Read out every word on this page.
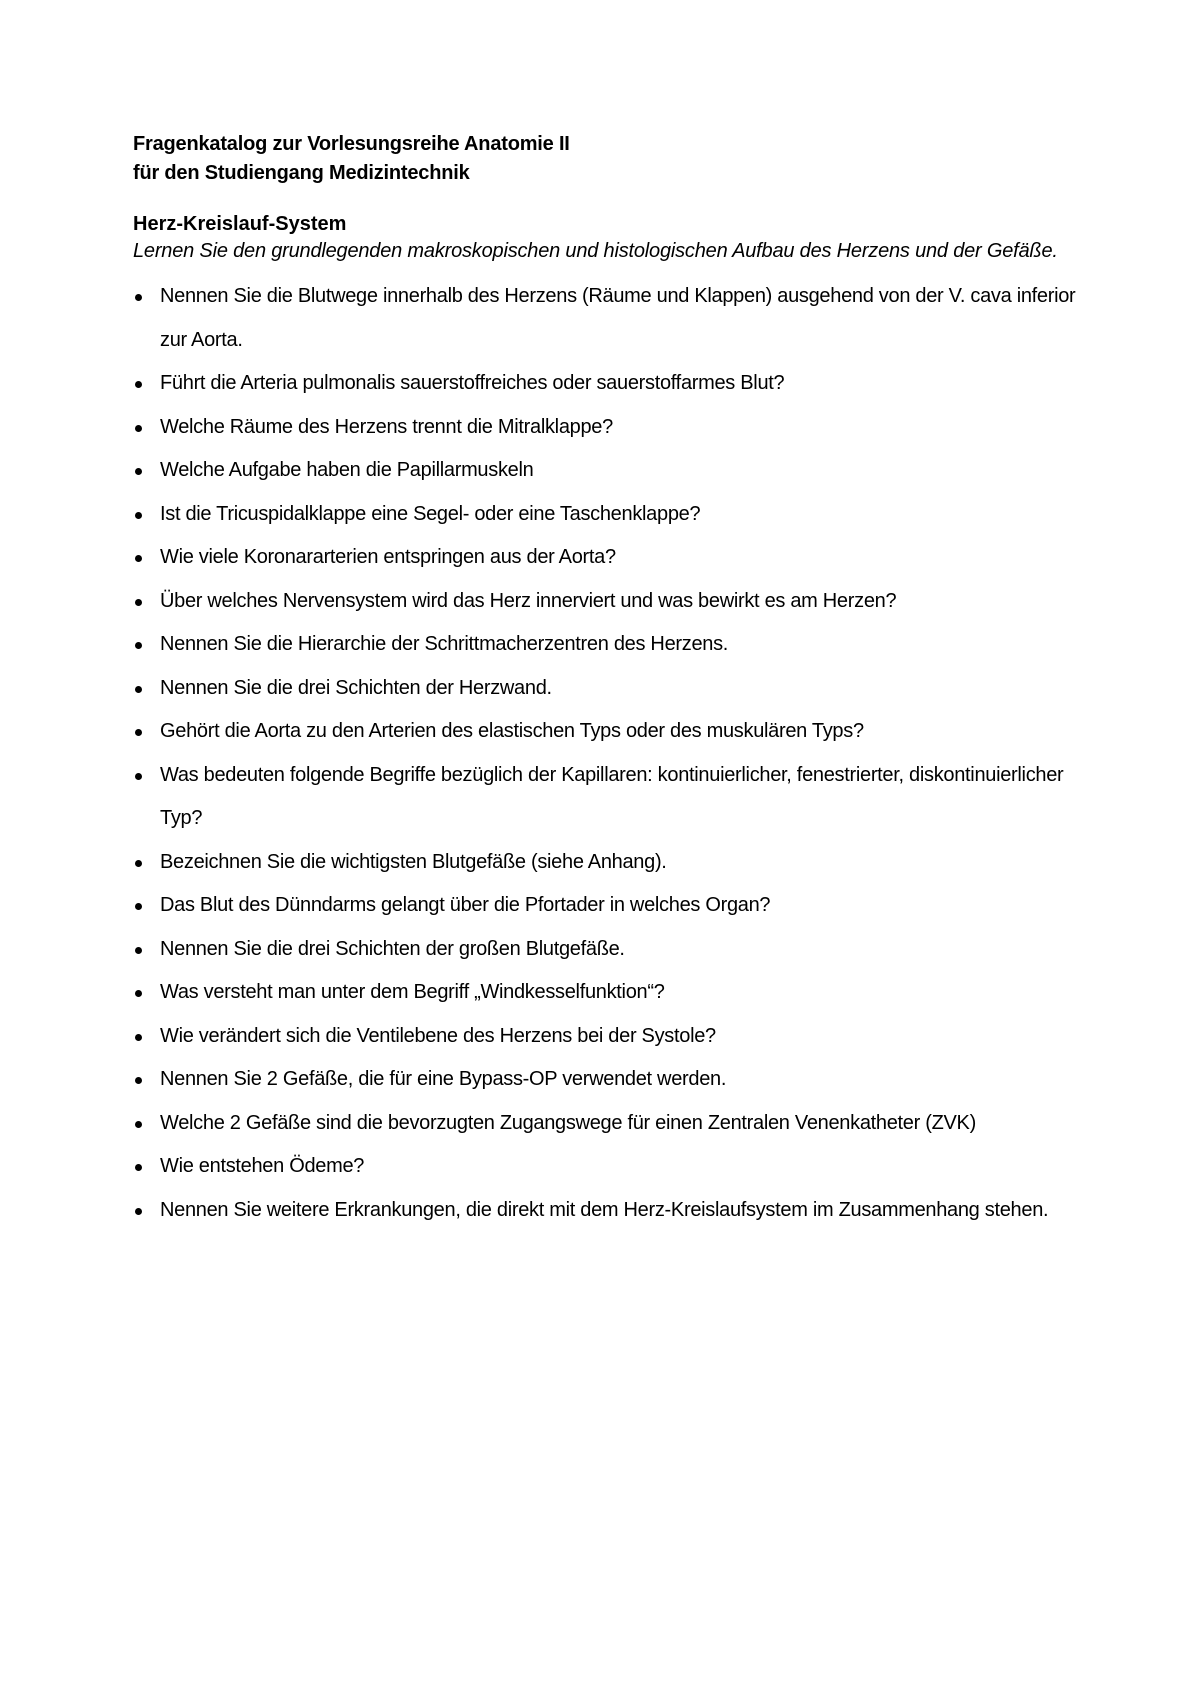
Fragenkatalog zur Vorlesungsreihe Anatomie II
für den Studiengang Medizintechnik
Herz-Kreislauf-System
Lernen Sie den grundlegenden makroskopischen und histologischen Aufbau des Herzens und der Gefäße.
Nennen Sie die Blutwege innerhalb des Herzens (Räume und Klappen) ausgehend von der V. cava inferior zur Aorta.
Führt die Arteria pulmonalis sauerstoffreiches oder sauerstoffarmes Blut?
Welche Räume des Herzens trennt die Mitralklappe?
Welche Aufgabe haben die Papillarmuskeln
Ist die Tricuspidalklappe eine Segel- oder eine Taschenklappe?
Wie viele Koronararterien entspringen aus der Aorta?
Über welches Nervensystem wird das Herz innerviert und was bewirkt es am Herzen?
Nennen Sie die Hierarchie der Schrittmacherzentren des Herzens.
Nennen Sie die drei Schichten der Herzwand.
Gehört die Aorta zu den Arterien des elastischen Typs oder des muskulären Typs?
Was bedeuten folgende Begriffe bezüglich der Kapillaren: kontinuierlicher, fenestrierter, diskontinuierlicher Typ?
Bezeichnen Sie die wichtigsten Blutgefäße (siehe Anhang).
Das Blut des Dünndarms gelangt über die Pfortader in welches Organ?
Nennen Sie die drei Schichten der großen Blutgefäße.
Was versteht man unter dem Begriff „Windkesselfunktion“?
Wie verändert sich die Ventilebene des Herzens bei der Systole?
Nennen Sie 2 Gefäße, die für eine Bypass-OP verwendet werden.
Welche 2 Gefäße sind die bevorzugten Zugangswege für einen Zentralen Venenkatheter (ZVK)
Wie entstehen Ödeme?
Nennen Sie weitere Erkrankungen, die direkt mit dem Herz-Kreislaufsystem im Zusammenhang stehen.
